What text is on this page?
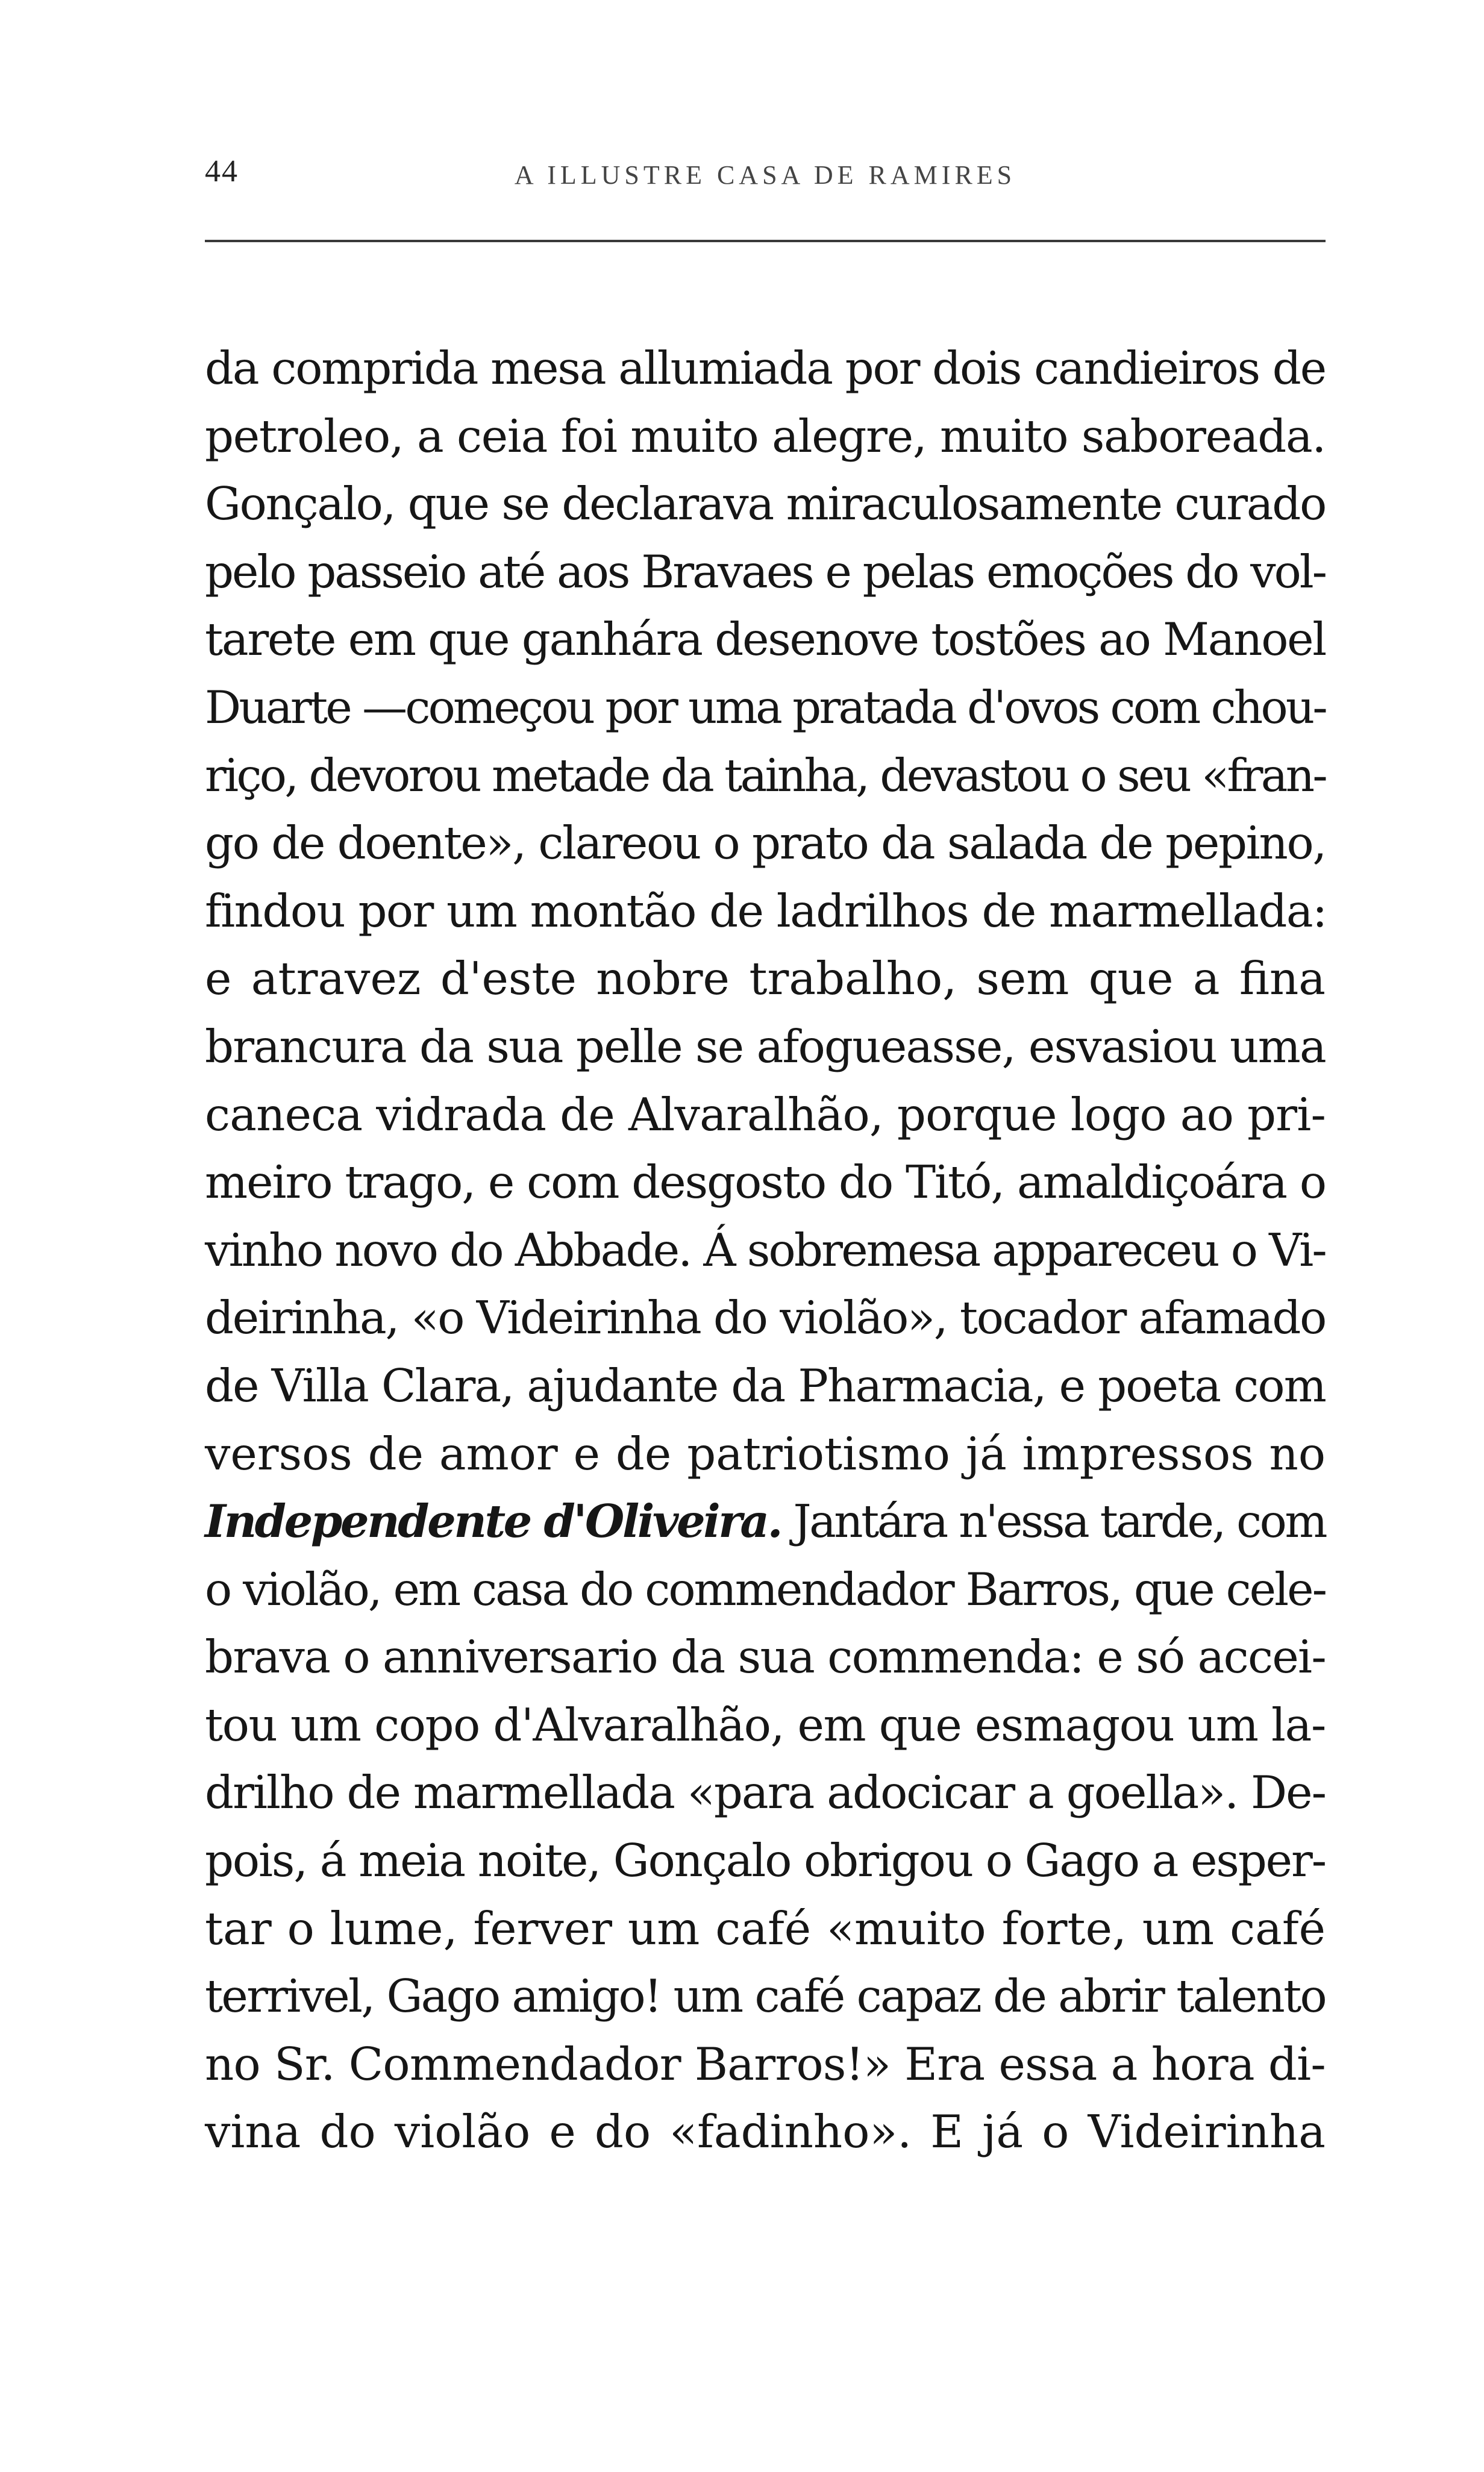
44	A ILLUSTRE CASA DE RAMIRES
da comprida mesa allumiada por dois candieiros de
petroleo, a ceia foi muito alegre, muito saboreada.
Gonçalo, que se declarava miraculosamente curado
pelo passeio até aos Bravaes e pelas emoções do vol-
tarete em que ganhára desenove tostões ao Manoel
Duarte —começou por uma pratada d'ovos com chou-
riço, devorou metade da tainha, devastou o seu «fran-
go de doente», clareou o prato da salada de pepino,
findou por um montão de ladrilhos de marmellada:
e atravez d'este nobre trabalho, sem que a fina
brancura da sua pelle se afogueasse, esvasiou uma
caneca vidrada de Alvaralhão, porque logo ao pri-
meiro trago, e com desgosto do Titó, amaldiçoára o
vinho novo do Abbade. Á sobremesa appareceu o Vi-
deirinha, «o Videirinha do violão», tocador afamado
de Villa Clara, ajudante da Pharmacia, e poeta com
versos de amor e de patriotismo já impressos no
Independente d'Oliveira. Jantára n'essa tarde, com
o violão, em casa do commendador Barros, que cele-
brava o anniversario da sua commenda: e só accei-
tou um copo d'Alvaralhão, em que esmagou um la-
drilho de marmellada «para adocicar a goella». De-
pois, á meia noite, Gonçalo obrigou o Gago a esper-
tar o lume, ferver um café «muito forte, um café
terrivel, Gago amigo! um café capaz de abrir talento
no Sr. Commendador Barros!» Era essa a hora di-
vina do violão e do «fadinho». E já o Videirinha
